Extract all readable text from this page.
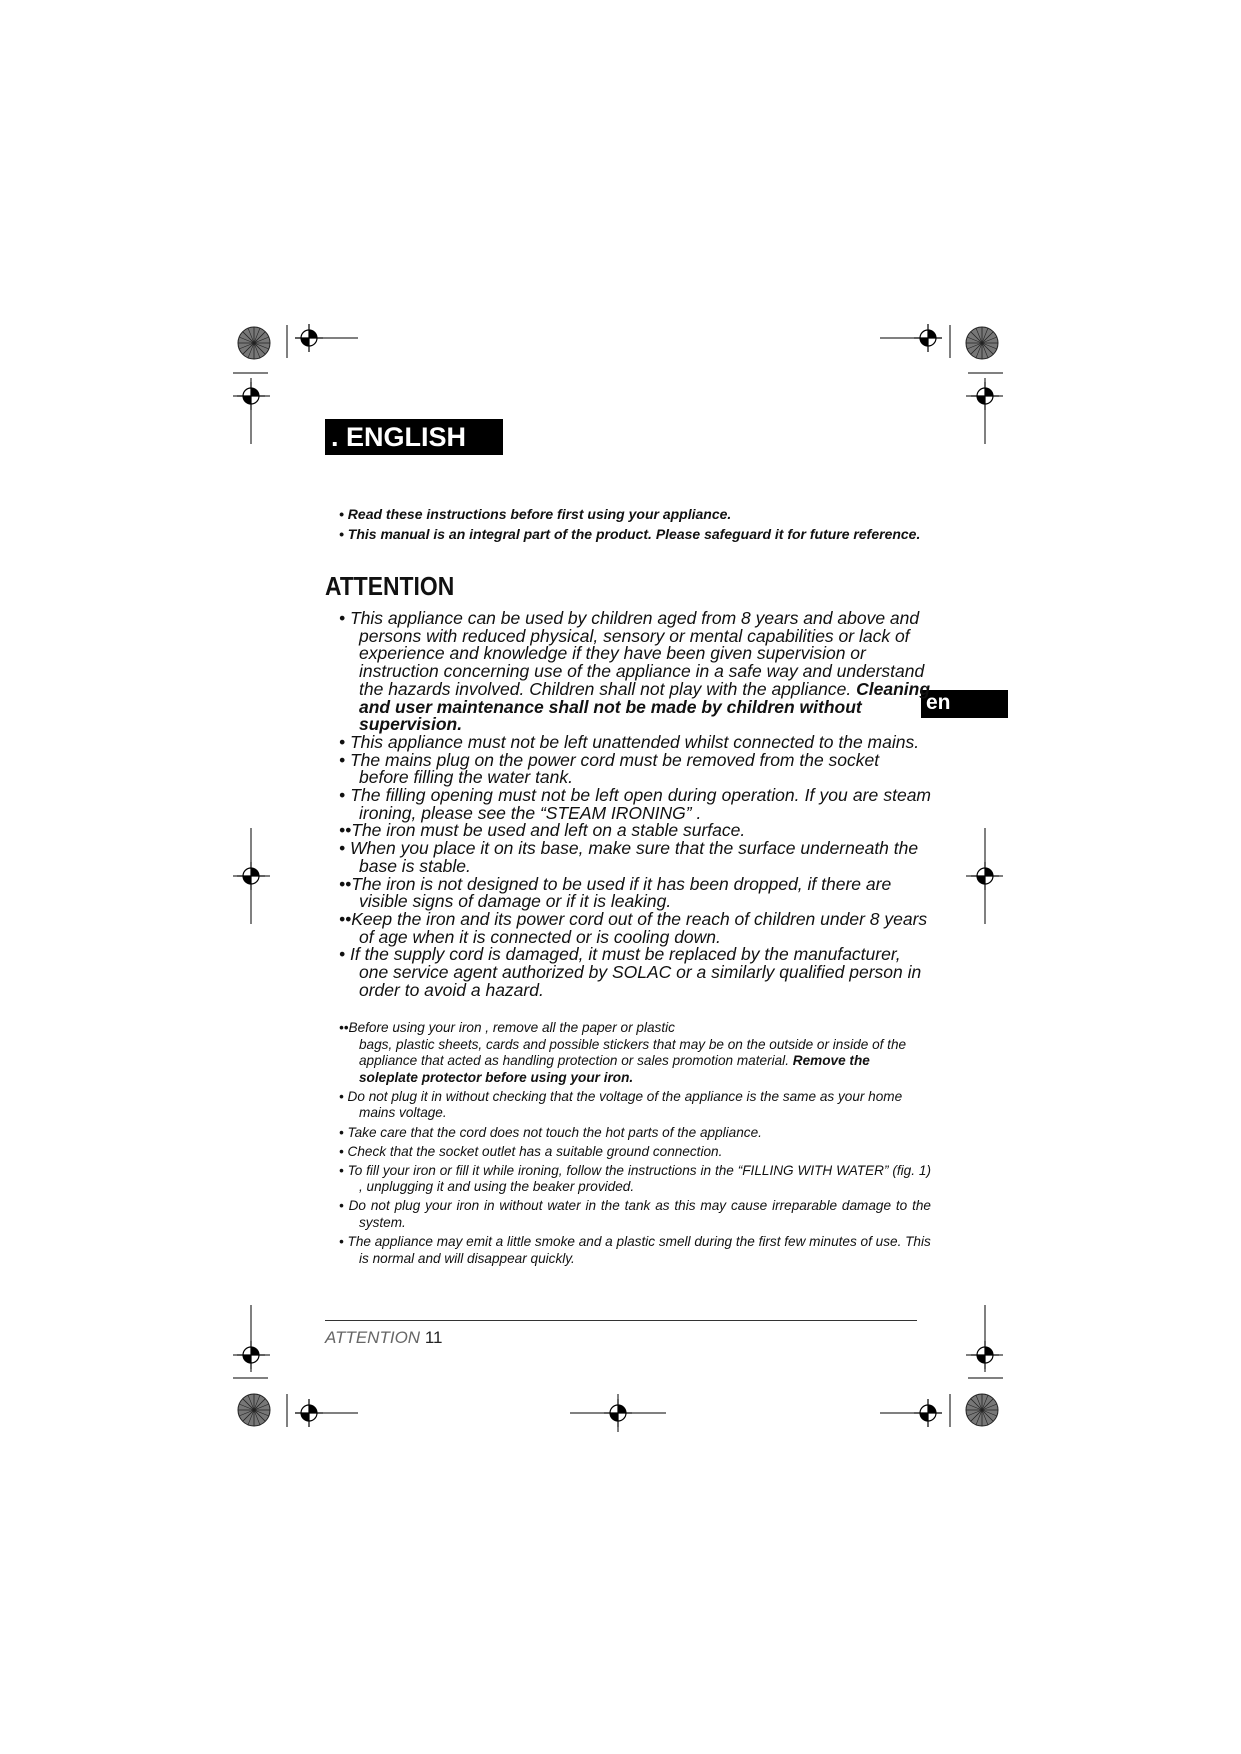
. ENGLISH
en

• Read these instructions before first using your appliance.

• This manual is an integral part of the product. Please safeguard it for future reference.

ATTENTION

• This appliance can be used by children aged from 8 years and above and persons with reduced physical, sensory or mental capabilities or lack of experience and knowledge if they have been given supervision or instruction concerning use of the appliance in a safe way and understand the hazards involved. Children shall not play with the appliance. Cleaning and user maintenance shall not be made by children without supervision.

• This appliance must not be left unattended whilst connected to the mains.

• The mains plug on the power cord must be removed from the socket before filling the water tank.

• The filling opening must not be left open during operation. If you are steam ironing, please see the “STEAM IRONING” .

••The iron must be used and left on a stable surface.

• When you place it on its base, make sure that the surface underneath the base is stable.

••The iron is not designed to be used if it has been dropped, if there are visible signs of damage or if it is leaking.

••Keep the iron and its power cord out of the reach of children under 8 years of age when it is connected or is cooling down.

• If the supply cord is damaged, it must be replaced by the manufacturer, one service agent authorized by SOLAC or a similarly qualified person in order to avoid a hazard.

••Before using your iron , remove all the paper or plastic

bags, plastic sheets, cards and possible stickers that may be on the outside or inside of the appliance that acted as handling protection or sales promotion material. Remove the soleplate protector before using your iron.

• Do not plug it in without checking that the voltage of the appliance is the same as your home mains voltage.

• Take care that the cord does not touch the hot parts of the appliance.

• Check that the socket outlet has a suitable ground connection.

• To fill your iron or fill it while ironing, follow the instructions in the “FILLING WITH WATER” (fig. 1) , unplugging it and using the beaker provided.

• Do not plug your iron in without water in the tank as this may cause irreparable damage to the system.

• The appliance may emit a little smoke and a plastic smell during the first few minutes of use. This is normal and will disappear quickly.

ATTENTION 11
